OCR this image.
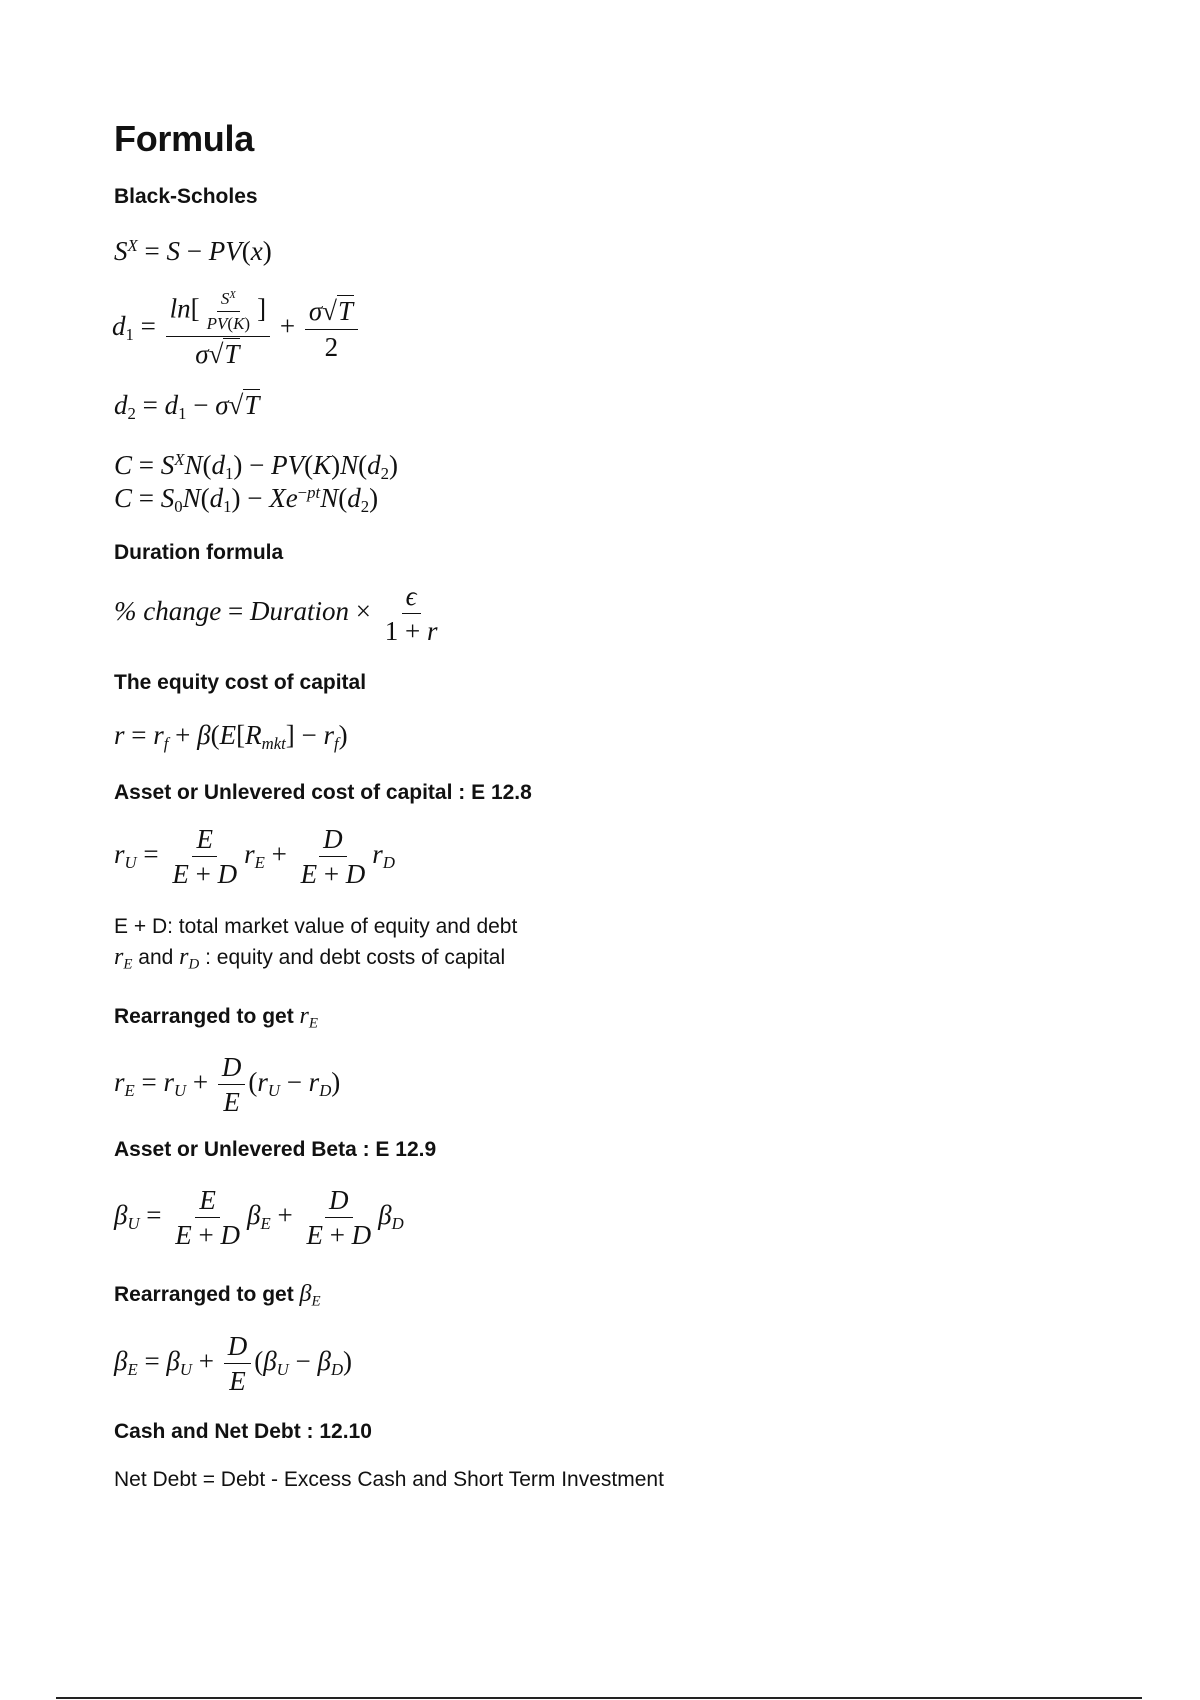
Formula
Black-Scholes
$S^X = S - PV(x)$
$d_1$ =
$\ln[ \frac{S^X}{PV(K)}$ ]
σ√T
+ $\frac{\sigma√T}{2}$
$d_2 = d_1 - \sigma√T$
$C = S^XN(d_1) - PV(K)N(d_2)$
$C = S_0N(d_1) - Xe^{-pt}N(d_2)$
Duration formula
% change = Duration × $\frac{\epsilon}{1 + r}$
The equity cost of capital
$r = r_f + \beta(E[R_{mkt}] - r_f)$
Asset or Unlevered cost of capital : E 12.8
$r_U = \frac{E}{E + D} r_E + \frac{D}{E + D} r_D$
E + D: total market value of equity and debt
$r_E$ and $r_D$ : equity and debt costs of capital
Rearranged to get $r_E$
$r_E = r_U + \frac{D}{E} (r_U - r_D)$
Asset or Unlevered Beta : E 12.9
$\beta_U = \frac{E}{E + D} \beta_E + \frac{D}{E + D} \beta_D$
Rearranged to get $\beta_E$
$\beta_E = \beta_U + \frac{D}{E} (\beta_U - \beta_D)$
Cash and Net Debt : 12.10
Net Debt = Debt - Excess Cash and Short Term Investment
